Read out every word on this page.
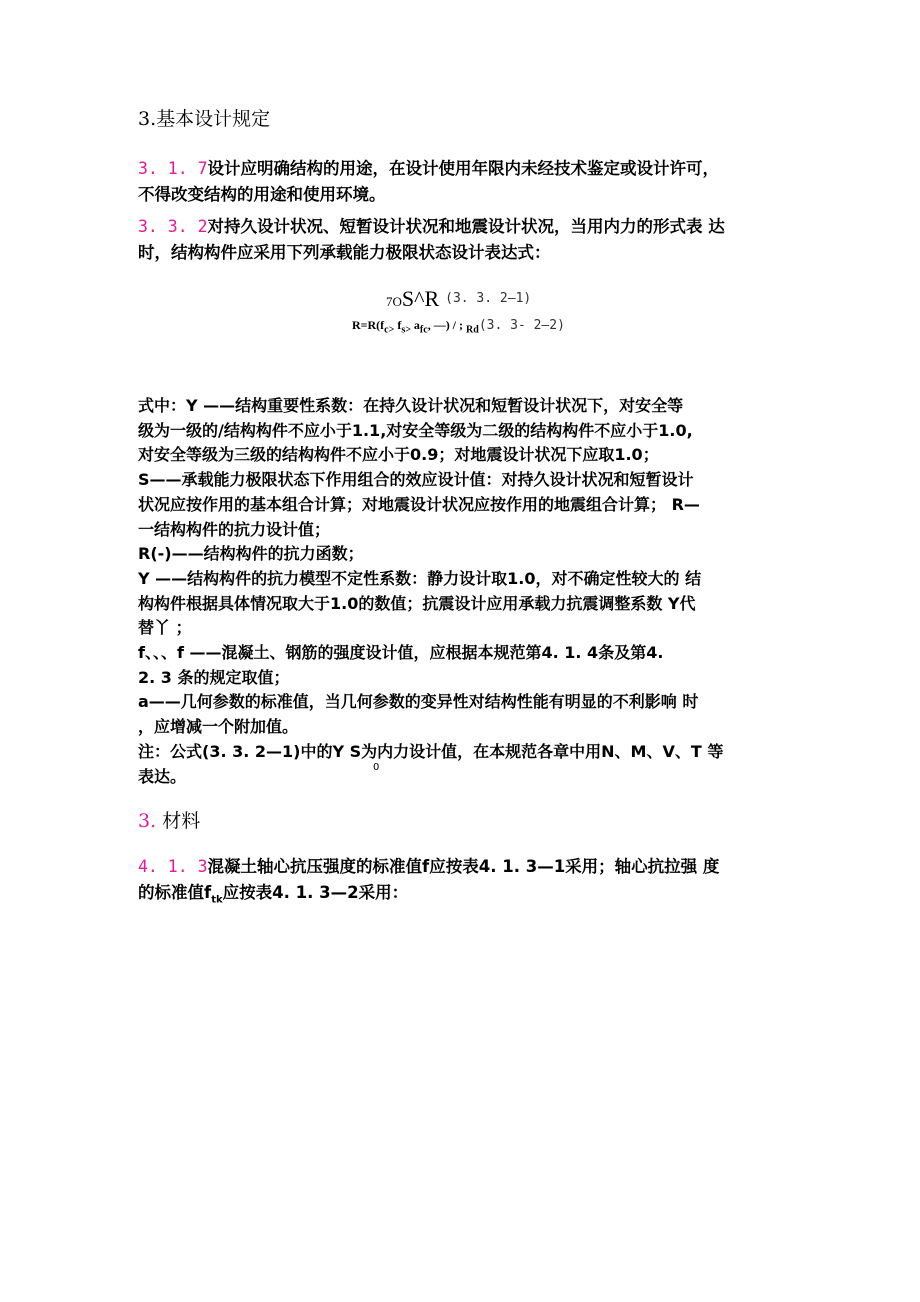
3.基本设计规定
3. 1. 7设计应明确结构的用途，在设计使用年限内未经技术鉴定或设计许可，
不得改变结构的用途和使用环境。
3. 3. 2对持久设计状况、短暂设计状况和地震设计状况，当用内力的形式表 达
时，结构构件应采用下列承载能力极限状态设计表达式：
7OS^R (3. 3. 2—1)
$R=R(f_{c>}$ $f_{s>}$ $a_{fc}$, —) / ; $_{Rd}$(3. 3- 2—2)
式中：Y ——结构重要性系数：在持久设计状况和短暂设计状况下，对安全等
级为一级的/结构构件不应小于1.1,对安全等级为二级的结构构件不应小于1.0,
对安全等级为三级的结构构件不应小于0.9；对地震设计状况下应取1.0；
S——承载能力极限状态下作用组合的效应设计值：对持久设计状况和短暂设计
状况应按作用的基本组合计算；对地震设计状况应按作用的地震组合计算； R—
一结构构件的抗力设计值；
R(-)——结构构件的抗力函数；
Y ——结构构件的抗力模型不定性系数：静力设计取1.0，对不确定性较大的 结
构构件根据具体情况取大于1.0的数值；抗震设计应用承载力抗震调整系数 Y代
替丫 ；
f、、、f ——混凝土、钢筋的强度设计值，应根据本规范第4. 1. 4条及第4.
2. 3 条的规定取值；
a——几何参数的标准值，当几何参数的变异性对结构性能有明显的不利影响 时
，应增减一个附加值。
注：公式(3. 3. 2—1)中的Y S为内力设计值，在本规范各章中用N、M、V、T 等
表达。	0
3. 材料
4. 1. 3混凝土轴心抗压强度的标准值f应按表4. 1. 3—1采用；轴心抗拉强 度
的标准值$f_{tk}$应按表4. 1. 3—2采用：
